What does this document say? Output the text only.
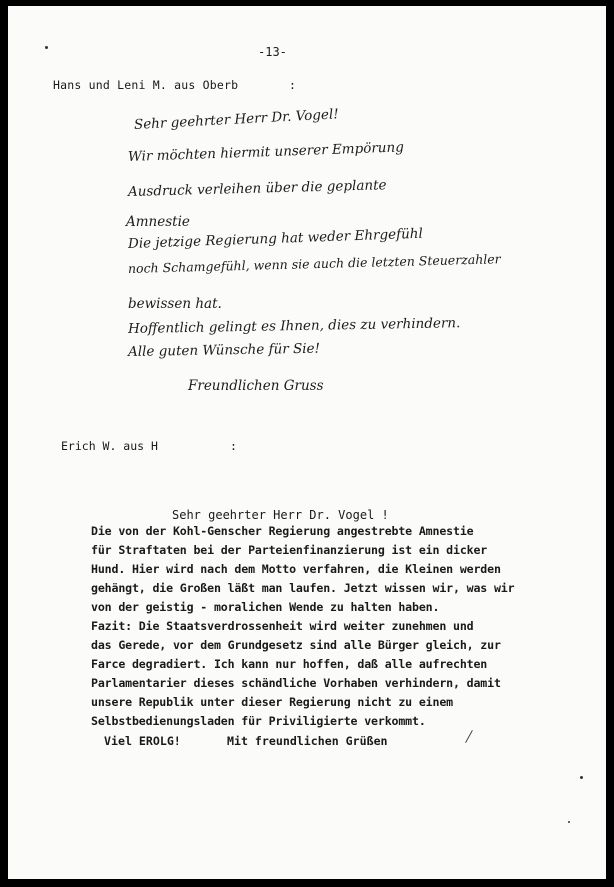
-13-
Hans und Leni M. aus Oberb	:
Sehr geehrter Herr Dr. Vogel!
Wir möchten hiermit unserer Empörung
Ausdruck verleihen über die geplante
Amnestie
Die jetzige Regierung hat weder Ehrgefühl
noch Schamgefühl, wenn sie auch die letzten Steuerzahler
bewissen hat.
Hoffentlich gelingt es Ihnen, dies zu verhindern.
Alle guten Wünsche für Sie!
Freundlichen Gruss
Erich W. aus H	:
Sehr geehrter Herr Dr. Vogel !
Die von der Kohl-Genscher Regierung angestrebte Amnestie
für Straftaten bei der Parteienfinanzierung ist ein dicker
Hund. Hier wird nach dem Motto verfahren, die Kleinen werden
gehängt, die Großen läßt man laufen. Jetzt wissen wir, was wir
von der geistig - moralichen Wende zu halten haben.
Fazit: Die Staatsverdrossenheit wird weiter zunehmen und
das Gerede, vor dem Grundgesetz sind alle Bürger gleich, zur
Farce degradiert. Ich kann nur hoffen, daß alle aufrechten
Parlamentarier dieses schändliche Vorhaben verhindern, damit
unsere Republik unter dieser Regierung nicht zu einem
Selbstbedienungsladen für Priviligierte verkommt.
Viel EROLG!	Mit freundlichen Grüßen	/
